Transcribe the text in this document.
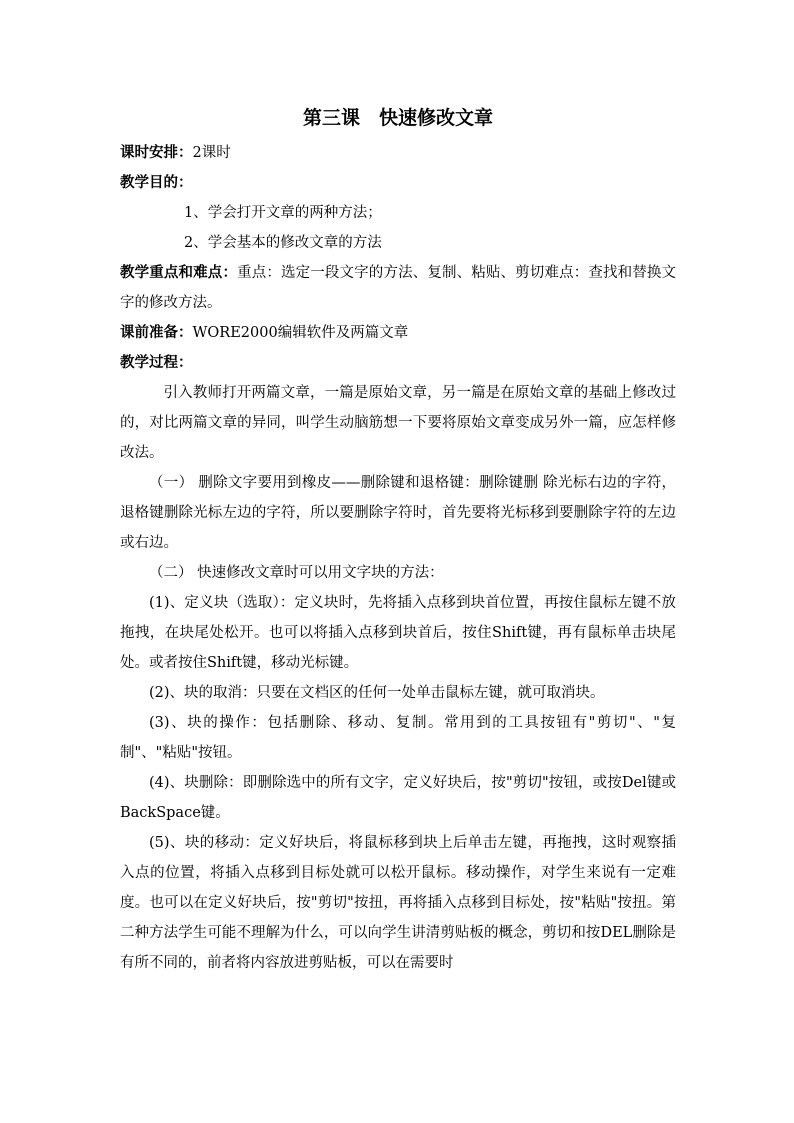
第三课　快速修改文章

课时安排：2课时

教学目的：

1、学会打开文章的两种方法；

2、学会基本的修改文章的方法

教学重点和难点：重点：选定一段文字的方法、复制、粘贴、剪切难点：查找和替换文字的修改方法。

课前准备：WORE2000编辑软件及两篇文章

教学过程：

引入教师打开两篇文章，一篇是原始文章，另一篇是在原始文章的基础上修改过的，对比两篇文章的异同，叫学生动脑筋想一下要将原始文章变成另外一篇，应怎样修改法。

（一） 删除文字要用到橡皮——删除键和退格键：删除键删 除光标右边的字符，退格键删除光标左边的字符，所以要删除字符时，首先要将光标移到要删除字符的左边或右边。

（二） 快速修改文章时可以用文字块的方法：

(1)、定义块（选取）：定义块时，先将插入点移到块首位置，再按住鼠标左键不放拖拽，在块尾处松开。也可以将插入点移到块首后，按住Shift键，再有鼠标单击块尾处。或者按住Shift键，移动光标键。

(2)、块的取消：只要在文档区的任何一处单击鼠标左键，就可取消块。

(3)、块的操作：包括删除、移动、复制。常用到的工具按钮有"剪切"、"复制"、"粘贴"按钮。

(4)、块删除：即删除选中的所有文字，定义好块后，按"剪切"按钮，或按Del键或BackSpace键。

(5)、块的移动：定义好块后，将鼠标移到块上后单击左键，再拖拽，这时观察插入点的位置，将插入点移到目标处就可以松开鼠标。移动操作，对学生来说有一定难度。也可以在定义好块后，按"剪切"按扭，再将插入点移到目标处，按"粘贴"按扭。第二种方法学生可能不理解为什么，可以向学生讲清剪贴板的概念，剪切和按DEL删除是有所不同的，前者将内容放进剪贴板，可以在需要时
